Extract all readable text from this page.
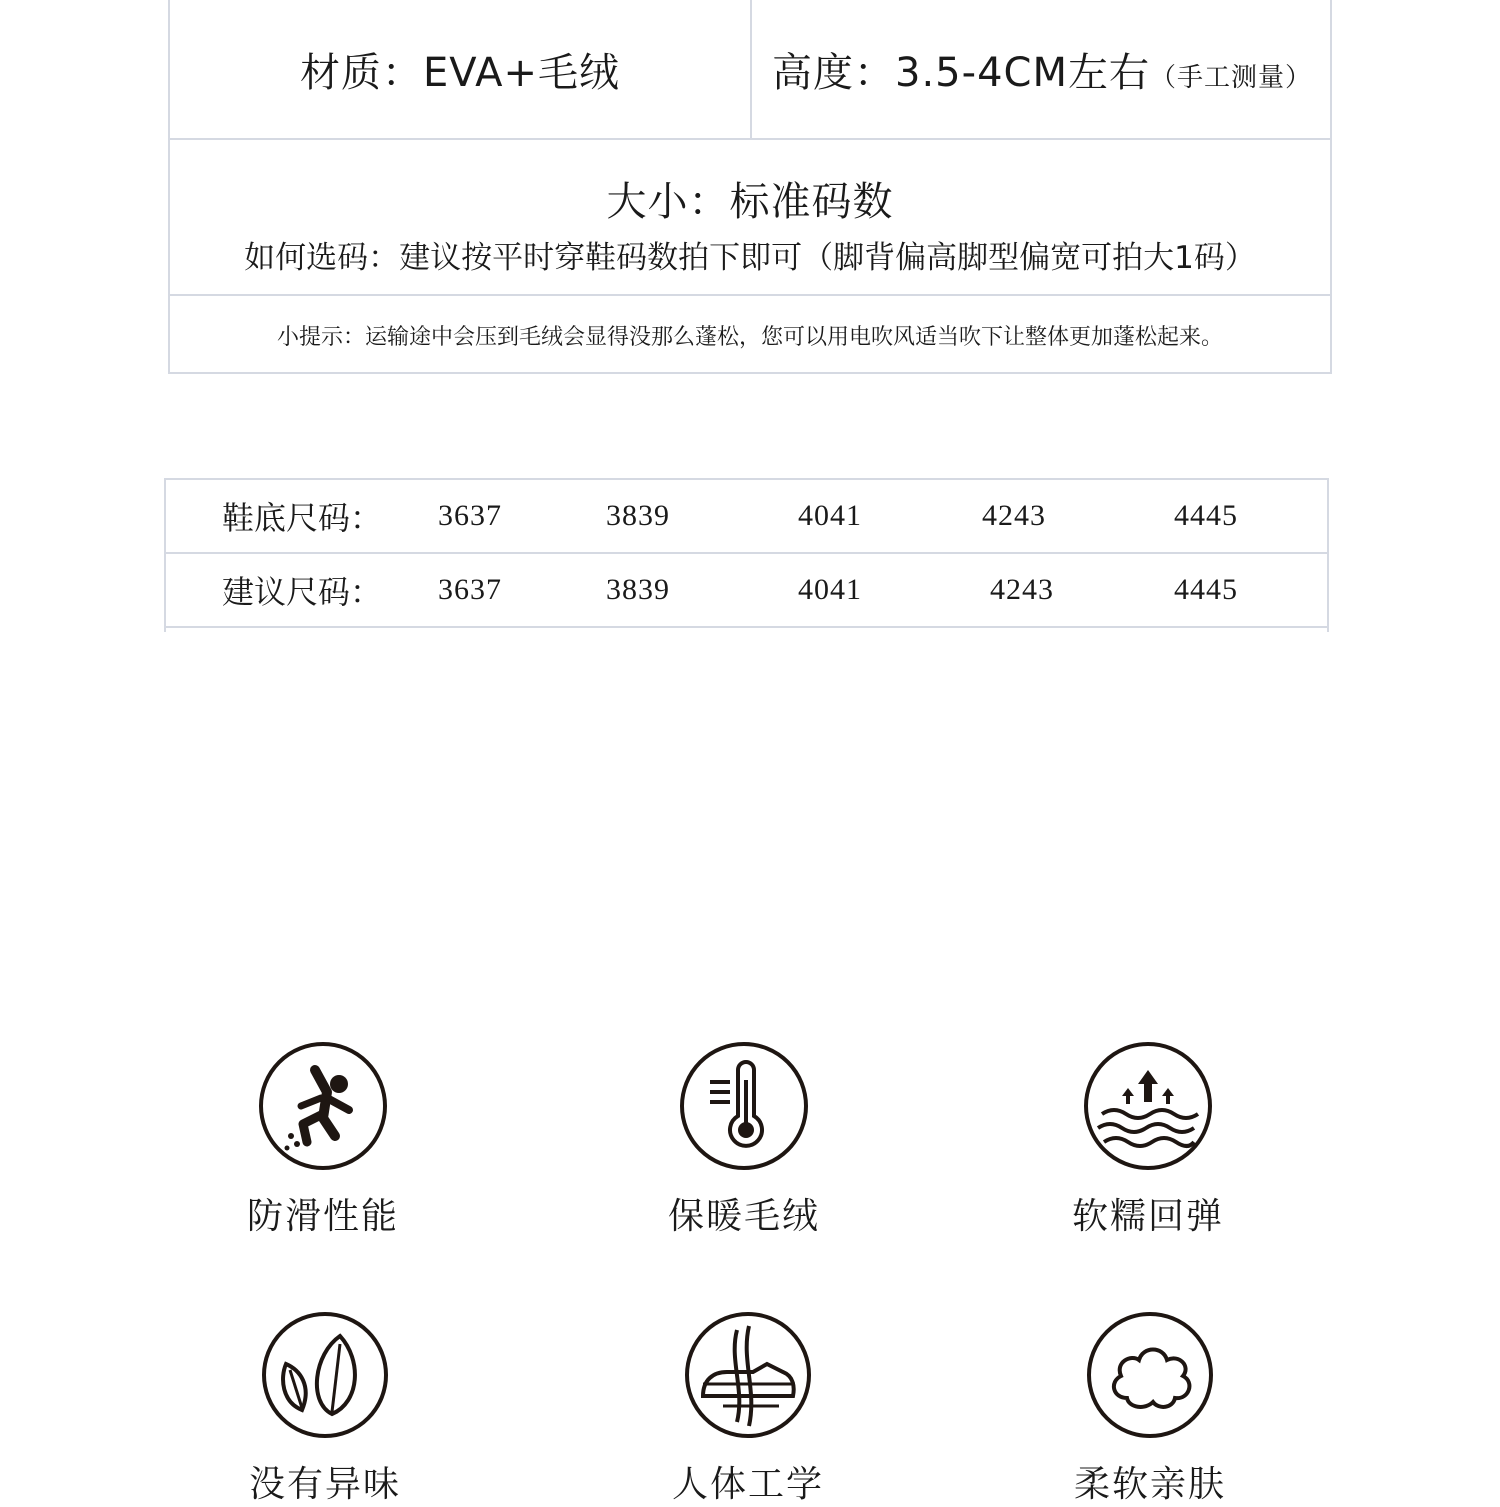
材质：EVA+毛绒	高度：3.5-4CM左右（手工测量）
大小：标准码数
如何选码：建议按平时穿鞋码数拍下即可（脚背偏高脚型偏宽可拍大1码）
小提示：运输途中会压到毛绒会显得没那么蓬松，您可以用电吹风适当吹下让整体更加蓬松起来。
鞋底尺码： 3637	3839	4041	4243	4445
建议尺码： 3637	3839	4041	4243	4445
防滑性能	保暖毛绒	软糯回弹
没有异味	人体工学	柔软亲肤
